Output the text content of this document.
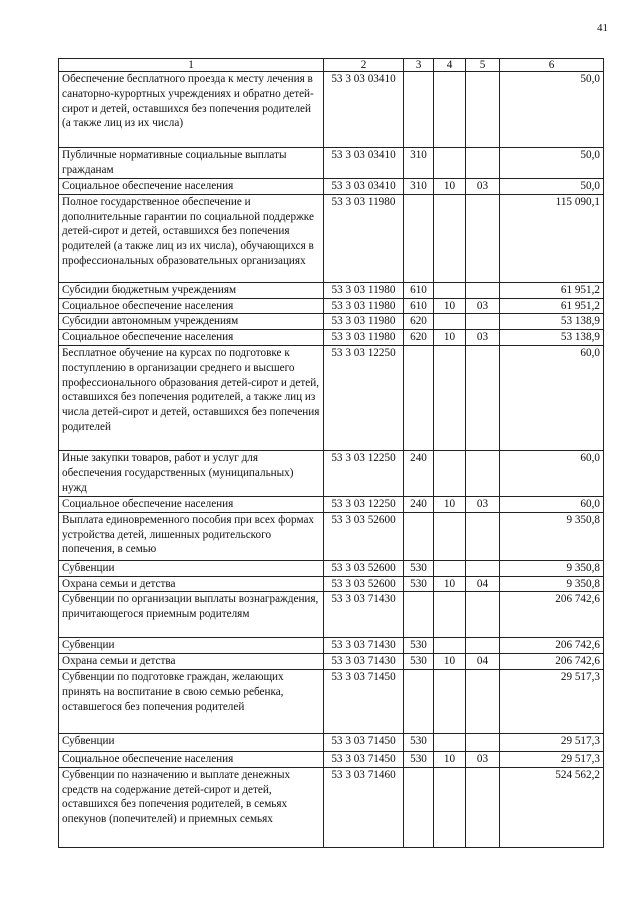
41
1	2	3	4	5	6
Обеспечение бесплатного проезда к месту лечения в санаторно-курортных учреждениях и обратно детей-сирот и детей, оставшихся без попечения родителей (а также лиц из их числа)	53 3 03 03410				50,0
Публичные нормативные социальные выплаты гражданам	53 3 03 03410	310			50,0
Социальное обеспечение населения	53 3 03 03410	310	10	03	50,0
Полное государственное обеспечение и дополнительные гарантии по социальной поддержке детей-сирот и детей, оставшихся без попечения родителей (а также лиц из их числа), обучающихся в профессиональных образовательных организациях	53 3 03 11980				115 090,1
Субсидии бюджетным учреждениям	53 3 03 11980	610			61 951,2
Социальное обеспечение населения	53 3 03 11980	610	10	03	61 951,2
Субсидии автономным учреждениям	53 3 03 11980	620			53 138,9
Социальное обеспечение населения	53 3 03 11980	620	10	03	53 138,9
Бесплатное обучение на курсах по подготовке к поступлению в организации среднего и высшего профессионального образования детей-сирот и детей, оставшихся без попечения родителей, а также лиц из числа детей-сирот и детей, оставшихся без попечения родителей	53 3 03 12250				60,0
Иные закупки товаров, работ и услуг для обеспечения государственных (муниципальных) нужд	53 3 03 12250	240			60,0
Социальное обеспечение населения	53 3 03 12250	240	10	03	60,0
Выплата единовременного пособия при всех формах устройства детей, лишенных родительского попечения, в семью	53 3 03 52600				9 350,8
Субвенции	53 3 03 52600	530			9 350,8
Охрана семьи и детства	53 3 03 52600	530	10	04	9 350,8
Субвенции по организации выплаты вознаграждения, причитающегося приемным родителям	53 3 03 71430				206 742,6
Субвенции	53 3 03 71430	530			206 742,6
Охрана семьи и детства	53 3 03 71430	530	10	04	206 742,6
Субвенции по подготовке граждан, желающих принять на воспитание в свою семью ребенка, оставшегося без попечения родителей	53 3 03 71450				29 517,3
Субвенции	53 3 03 71450	530			29 517,3
Социальное обеспечение населения	53 3 03 71450	530	10	03	29 517,3
Субвенции по назначению и выплате денежных средств на содержание детей-сирот и детей, оставшихся без попечения родителей, в семьях опекунов (попечителей) и приемных семьях	53 3 03 71460				524 562,2
